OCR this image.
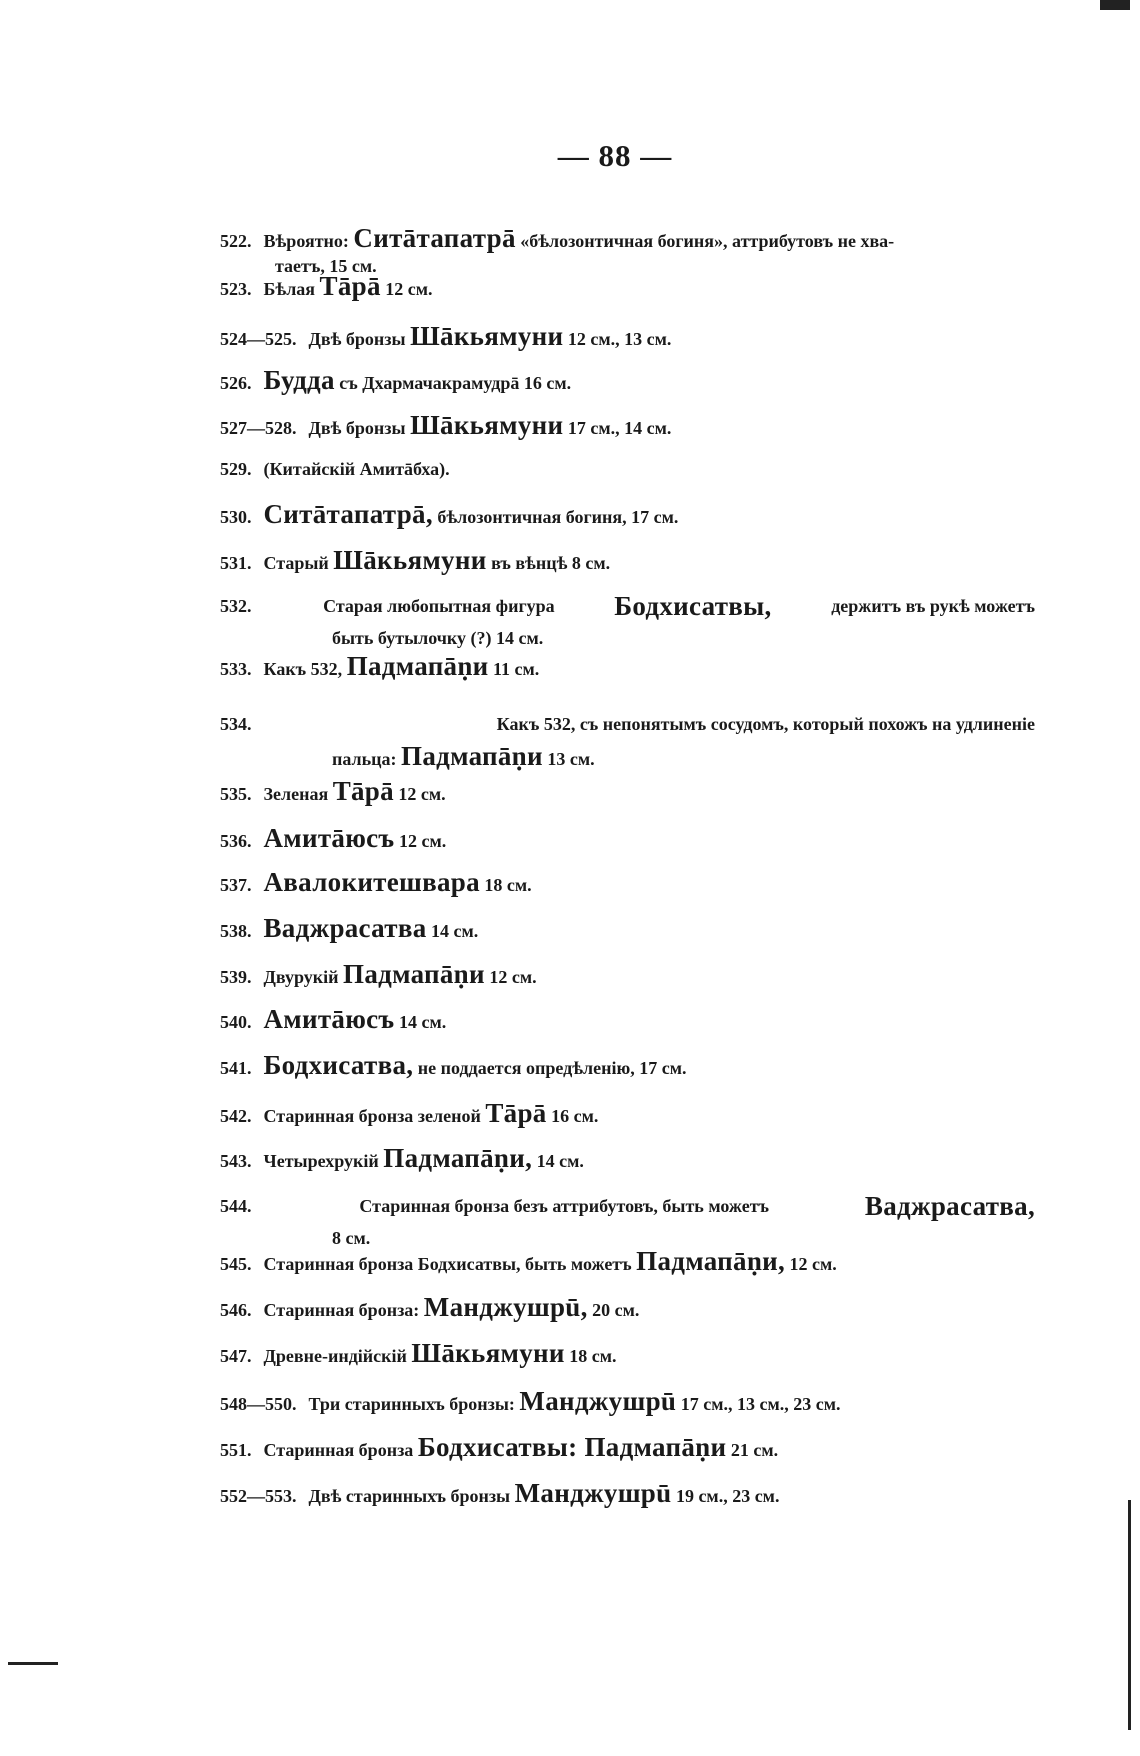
— 88 —
522. Вѣроятно: Ситāтапатрā «бѣлозонтичная богиня», аттрибутовъ не хва-
таетъ, 15 см.
523. Бѣлая Тāрā 12 см.
524—525. Двѣ бронзы Шāкьямуни 12 см., 13 см.
526. Будда съ Дхармачакрамудрā 16 см.
527—528. Двѣ бронзы Шāкьямуни 17 см., 14 см.
529. (Китайскій Амитāбха).
530. Ситāтапатрā, бѣлозонтичная богиня, 17 см.
531. Старый Шāкьямуни въ вѣнцѣ 8 см.
532.	Старая любопытная фигура Бодхисатвы,	держитъ въ рукѣ можетъ
быть бутылочку (?) 14 см.
533. Какъ 532, Падмапāṇи 11 см.
534.	Какъ 532, съ непонятымъ сосудомъ, который похожъ на удлиненіе
пальца: Падмапāṇи 13 см.
535. Зеленая Тāрā 12 см.
536. Амитāюсъ 12 см.
537. Авалокитешвара 18 см.
538. Ваджрасатва 14 см.
539. Двурукій Падмапāṇи 12 см.
540. Амитāюсъ 14 см.
541. Бодхисатва, не поддается опредѣленію, 17 см.
542. Старинная бронза зеленой Тāрā 16 см.
543. Четырехрукій Падмапāṇи, 14 см.
544.	Старинная бронза безъ аттрибутовъ, быть можетъ	Ваджрасатва,
8 см.
545. Старинная бронза Бодхисатвы, быть можетъ Падмапāṇи, 12 см.
546. Старинная бронза: Манджушрū, 20 см.
547. Древне-индійскій Шāкьямуни 18 см.
548—550. Три старинныхъ бронзы: Манджушрū 17 см., 13 см., 23 см.
551. Старинная бронза Бодхисатвы: Падмапāṇи 21 см.
552—553. Двѣ старинныхъ бронзы Манджушрū 19 см., 23 см.
